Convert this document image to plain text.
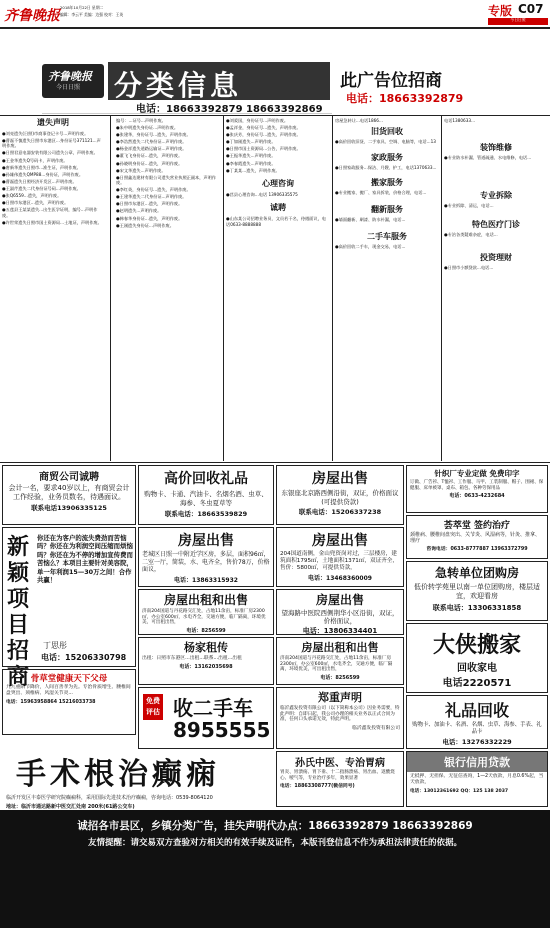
齐鲁晚报
2018年10月22日 星期二
编辑：李云平 美编：边强 校对：王英	专版 C07
今日日照
齐鲁晚报
今日日照 分类信息
电话：18663392879 18663392869
此广告位招商
电话：18663392879
遗失声明

●刘亮遗失(日照)市商事登记卡号...声明作废。

●曹磊不慎遗失日照市东港区...身份证号371121...声明作废。

●日照君意电器安装有限公司遗失公章，声明作废。

●王金华遗失Q号码卡，声明作废。

●唐新华遗失日照市...准生证，声明作废。

●孙雄伟遗失QMP88...身份证，声明作废。

●曹磊遗失日照经济开发区...声明作废。

●王淑芹遗失二代身份证号码...声明作废。

●张Q6559...遗失，声明作废。

●日照市东港区...遗失，声明作废。

●五莲县王某某遗失...出生医学证明，编号...声明作废。

●许世荣遗失日照市国土资源局...土地证，声明作废。

编号：...证号...声明作废。

●朱中明遗失身份证...声明作废。

●张建华，身份证号...遗失，声明作废。

●李浩然遗失二代身份证...声明作废。

●杨金祥遗失道路运输证...声明作废。

●董飞飞身份证...遗失，声明作废。

●孙晓明身份证...遗失，声明作废。

●宋文华遗失...声明作废。

●日照鑫达建材有限公司遗失营业执照正副本，声明作废。

●李红英，身份证号...遗失，声明作废。

●王建华遗失二代身份证...声明作废。

●日照市东港区...遗失，声明作废。

●赵明遗失...声明作废。

●韩春华身份证...遗失，声明作废。

●王刚遗失身份证...声明作废。

●刘爱国，身份证号...声明作废。

●孟祥金，身份证号...遗失，声明作废。

●张庆芳，身份证号...遗失，声明作废。

●丁如刚遗失...声明作废。

●日照市国土资源局...公告，声明作废。

●王振华遗失...声明作废。

●李春霞遗失...声明作废。

●丁某某...遗失，声明作废。

心理咨询

●莒县心理咨询...电话 13906335575

诚聘

●山东某公司招聘业务员、文员若干名，待遇面议，电话0633-8888888

房屋急转让...电话1866...

旧货回收

●高价回收旧货、二手家具、空调、电脑等，电话...13

家政服务

●日照家政服务...保洁、月嫂、护工，电话1370633...

搬家服务

●专业搬家、搬厂、家具拆装，价格合理，电话...

翻新服务

●墙面翻新、刷漆、防水补漏，电话...

二手车服务

●高价回收二手车，现金交易，电话...

电话1380633...

装饰维修

●专业防水补漏、管道疏通、水电维修，电话...

专业拆除

●专业拆除、清运，电话...

特色医疗门诊

●专治各类疑难杂症，电话...

投资理财

●日照市小额贷款...电话...

商贸公司诚聘
会计一名，要求40岁以上，有商贸会计工作经验，业务员数名，待遇面议。
联系电话13906335125
高价回收礼品
购物卡、卡通、汽油卡、名烟名酒、虫草、海参、冬虫夏草等
联系电话：18663539829
房屋出售
东银座北京路西侧沿街，双证，价格面议(可提供贷款)
联系电话：15206337238
针织厂专业定做 免费印字
订做、广告衫、T恤衫、工作服、马甲、工装制服、帽子、围裙、保健服、床单被罩、桌布、箱包、各种劳保用品
电话：0633-4232684
新颖项目招商
你还在为客户的流失费劲而苦恼吗？你还在为利润空间压缩而烦恼吗？你还在为不停的增加宣传费而苦恼么？本项目主要针对美容院，单一年利润15—30万之间！合作共赢！
丁思彤
电话：15206330798
房屋出售
老城区日照一中附近学区房，多层，面积96㎡，二室一厅，简装，水、电齐全，售价78万，价格面议，
电话：13863315932
房屋出售
204国道南侧，金山兜资岗对过，三层楼房，建筑面积1795㎡，土地面积1371㎡，双证齐全，售价：5800㎡，可提供贷款，
电话：13468360009
荟萃堂 签约治疗
颈椎病、腰椎间盘突出、关节炎、风湿病等，针灸、推拿、理疗
咨询电话：0633-8777887 13963372799
急转单位团购房
低价转学苑里以南一单位团购房，楼层适宜，欢迎看房
联系电话：13306331858
房屋出租和出售
济南204国道与丹花路交汇处，占地11余亩，标准厂房2300㎡，办公室600㎡，水电齐全，交通方便，临厂隔离，环境优美，可出租出售，
电话：8256599
房屋出售
望海路中医院西侧荆华小区沿街，双证，价格面议，
电话：13806334401
杨家租传
出租：日照市东港区...出租...联系...出租...出租
电话：13162035698
房屋出租和出售
济南204国道与丹花路交汇处，占地11余亩，标准厂房2300㎡，办公室600㎡，水电齐全，交通方便，临厂隔离，环境优美，可出租出售，
电话：8256599
大侠搬家
回收家电
电话2220571
骨草堂健康天下父母
九九重阳节降价，人间百善孝为先。专治骨质增生、腰椎间盘突出、颈椎病、风湿关节炎...
电话：15963958864 15216033738	免费评估 收二手车
8955555
郑重声明
临沂鑫发投资有限公司（以下简称本公司）因业务需要，特此声明：自即日起，我公司办理的相关业务以正式合同为准，任何口头承诺无效，特此声明。
临沂鑫发投资有限公司
礼品回收
购物卡、加油卡、名酒、名烟、虫草、海参、手表、礼品卡
电话：13276332229
手术根治癫痫
临沂开发区丰泰医学研究院癫痫科，采用国际先进技术治疗癫痫，咨询电话：0539-8064120
地址：临沂市通达路新中医交汇处南 200米(61路公交车)
孙氏中医、专治胃病
胃炎、胃溃疡、胃下垂、十二指肠溃疡、胃出血、返酸烧心、嗳气等，专业治疗多年，效果显著
电话：18863308777(微信同号)
银行信用贷款
无抵押、无担保、无征信查询，1—2天放款，月息0.6%起，当天放款，
电话：13012361692 QQ：125 138 2037
诚招各市县区，乡镇分类广告，挂失声明代办点：18663392879 18663392869
友情提醒：请交易双方查验对方相关的有效手续及证件，本版刊登信息不作为承担法律责任的依据。
